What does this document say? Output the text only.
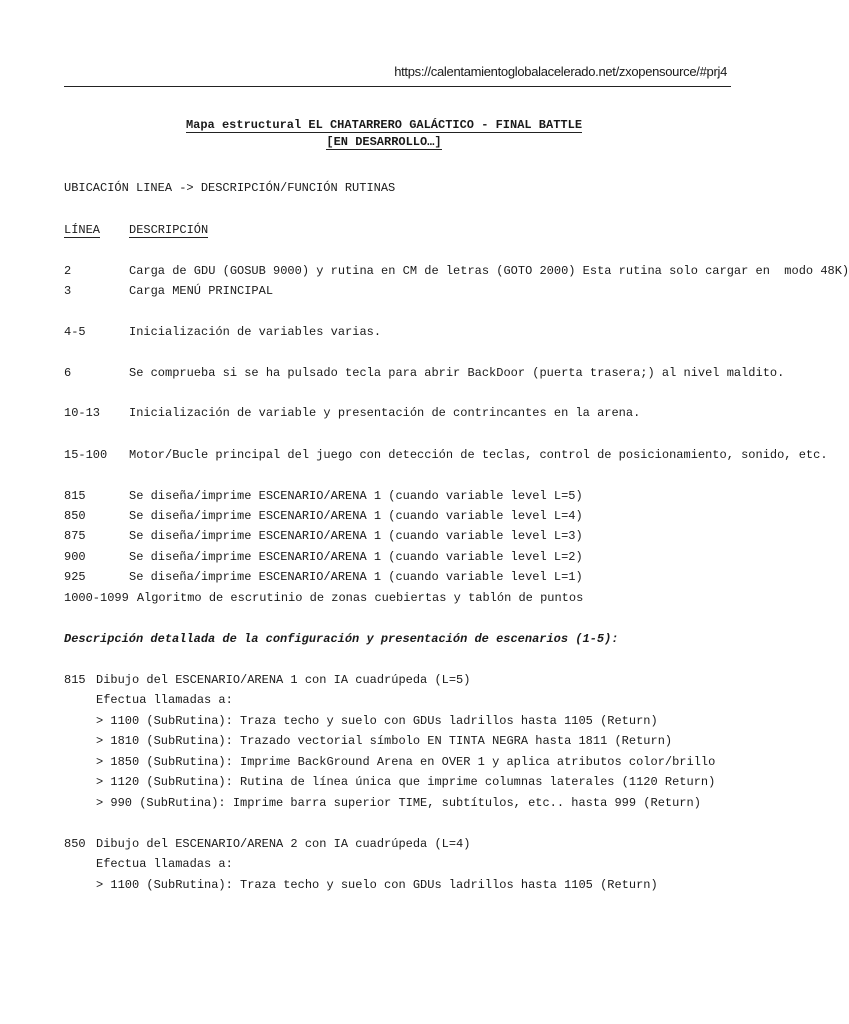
https://calentamientoglobalacelerado.net/zxopensource/#prj4
Mapa estructural EL CHATARRERO GALÁCTICO - FINAL BATTLE
[EN DESARROLLO…]
UBICACIÓN LINEA -> DESCRIPCIÓN/FUNCIÓN RUTINAS
LÍNEA DESCRIPCIÓN
2	Carga de GDU (GOSUB 9000) y rutina en CM de letras (GOTO 2000) Esta rutina solo cargar en  modo 48K)
3	Carga MENÚ PRINCIPAL
4-5	Inicialización de variables varias.
6	Se comprueba si se ha pulsado tecla para abrir BackDoor (puerta trasera;) al nivel maldito.
10-13 Inicialización de variable y presentación de contrincantes en la arena.
15-100 Motor/Bucle principal del juego con detección de teclas, control de posicionamiento, sonido, etc.
815	Se diseña/imprime ESCENARIO/ARENA 1 (cuando variable level L=5)
850	Se diseña/imprime ESCENARIO/ARENA 1 (cuando variable level L=4)
875	Se diseña/imprime ESCENARIO/ARENA 1 (cuando variable level L=3)
900	Se diseña/imprime ESCENARIO/ARENA 1 (cuando variable level L=2)
925	Se diseña/imprime ESCENARIO/ARENA 1 (cuando variable level L=1)
1000-1099 Algoritmo de escrutinio de zonas cuebiertas y tablón de puntos
Descripción detallada de la configuración y presentación de escenarios (1-5):
815 Dibujo del ESCENARIO/ARENA 1 con IA cuadrúpeda (L=5)
Efectua llamadas a:
> 1100 (SubRutina): Traza techo y suelo con GDUs ladrillos hasta 1105 (Return)
> 1810 (SubRutina): Trazado vectorial símbolo EN TINTA NEGRA hasta 1811 (Return)
> 1850 (SubRutina): Imprime BackGround Arena en OVER 1 y aplica atributos color/brillo
> 1120 (SubRutina): Rutina de línea única que imprime columnas laterales (1120 Return)
> 990 (SubRutina): Imprime barra superior TIME, subtítulos, etc.. hasta 999 (Return)
850 Dibujo del ESCENARIO/ARENA 2 con IA cuadrúpeda (L=4)
Efectua llamadas a:
> 1100 (SubRutina): Traza techo y suelo con GDUs ladrillos hasta 1105 (Return)
